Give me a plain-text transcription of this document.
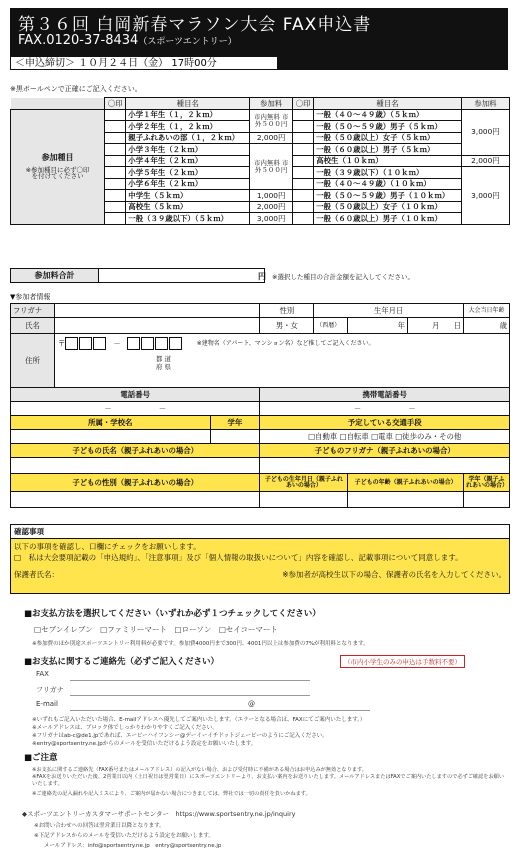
第３６回 白岡新春マラソン大会 FAX申込書
FAX.0120-37-8434（スポーツエントリー）
＜申込締切＞ １０月２４日（金） 17時00分
※黒ボールペンで正確にご記入ください。
	〇印	種目名	参加料	〇印	種目名	参加料

参加種目
※参加種目に必ず〇印
を付けてください		小学１年生（１，２ｋｍ）	市内無料 市外５００円		一般（４０～４９歳）（５ｋｍ）	3,000円
		小学２年生（１，２ｋｍ）			一般（５０～５９歳）男子（５ｋｍ）	
		親子ふれあいの部（１，２ｋｍ）	2,000円		一般（５０歳以上）女子（５ｋｍ）	
		小学３年生（２ｋｍ）	市内無料 市外５００円		一般（６０歳以上）男子（５ｋｍ）	
		小学４年生（２ｋｍ）			高校生（１０ｋｍ）	2,000円
		小学５年生（２ｋｍ）			一般（３９歳以下）（１０ｋｍ）	3,000円
		小学６年生（２ｋｍ）			一般（４０～４９歳）（１０ｋｍ）	
		中学生（５ｋｍ）	1,000円		一般（５０～５９歳）男子（１０ｋｍ）	
		高校生（５ｋｍ）	2,000円		一般（５０歳以上）女子（１０ｋｍ）	
		一般（３９歳以下）（５ｋｍ）	3,000円		一般（６０歳以上）男子（１０ｋｍ）	
参加料合計		円 ※選択した種目の合計金額を記入してください。
▼参加者情報
フリガナ			性別	生年月日			大会当日年齢
氏名			男・女	（西暦）	年	月 日	歳
住所	〒 － ※建物名（アパート、マンション名）など推してご記入ください。
都 道
府 県						

電話番号			携帯電話番号				
－ －			－ －				
所属・学校名		学年	予定している交通手段				
			□自動車 □自転車 □電車 □徒歩のみ・その他				
子どもの氏名（親子ふれあいの場合）			子どものフリガナ（親子ふれあいの場合）				

子どもの性別（親子ふれあいの場合）			子どもの生年月日（親子ふれあいの場合）		子どもの年齢（親子ふれあいの場合）		学年（親子ふれあいの場合）

確認事項
以下の事項を確認し、口欄にチェックをお願いします。
□　私は大会要項記載の「申込規約」、「注意事項」及び「個人情報の取扱いについて」内容を確認し、記載事項について同意します。
保護者氏名：	※参加者が高校生以下の場合、保護者の氏名を入力してください。
■お支払方法を選択してください（いずれか必ず１つチェックしてください）
□セブンイレブン　□ファミリーマート　□ローソン　□セイコーマート
※参加費のほか別途スポーツエントリー利用料が必要です。参加費4000円まで300円、4001円以上は参加費の7%が利用料となります。
■お支払に関するご連絡先（必ずご記入ください）	（市内小学生のみの申込は手数料不要）
FAX
フリガナ
E-mail	@
※いずれもご記入いただいた場合、E-mailアドレスへ優先してご案内いたします。（エラーとなる場合は、FAXにてご案内いたします。）
※メールアドレスは、ブロック体でしっかりわかりやすくご記入ください。
※フリガナはab-c@de1.jpであれば、エービーハイフンシー@デーイーイチドットジェーピーのようにご記入ください。
※entry@sportsentry.ne.jpからのメールを受信いただけるよう設定をお願いいたします。
■ご注意
※お支払に関するご連絡先（FAX番号またはメールアドレス）の記入がない場合、および受付時に不備がある場合はお申込みが無効となります。
※FAXをお送りいただいた後、2営業日以内（土日祝日は翌営業日）にスポーツエントリーより、お支払い案内をお送りいたします。メールアドレスまたはFAXでご案内いたしますので必ずご確認をお願いいたします。
※ご連絡先の記入漏れや記入ミスにより、ご案内が届かない場合につきましては、弊社では一切の責任を負いかねます。
◆スポーツエントリーカスタマーサポートセンター　https://www.sportsentry.ne.jp/inquiry
※お問い合わせへの回答は翌営業日以降となります。
※下記アドレスからのメールを受信いただけるよう設定をお願いします。
メールアドレス：info@sportsentry.ne.jp　entry@sportsentry.ne.jp
